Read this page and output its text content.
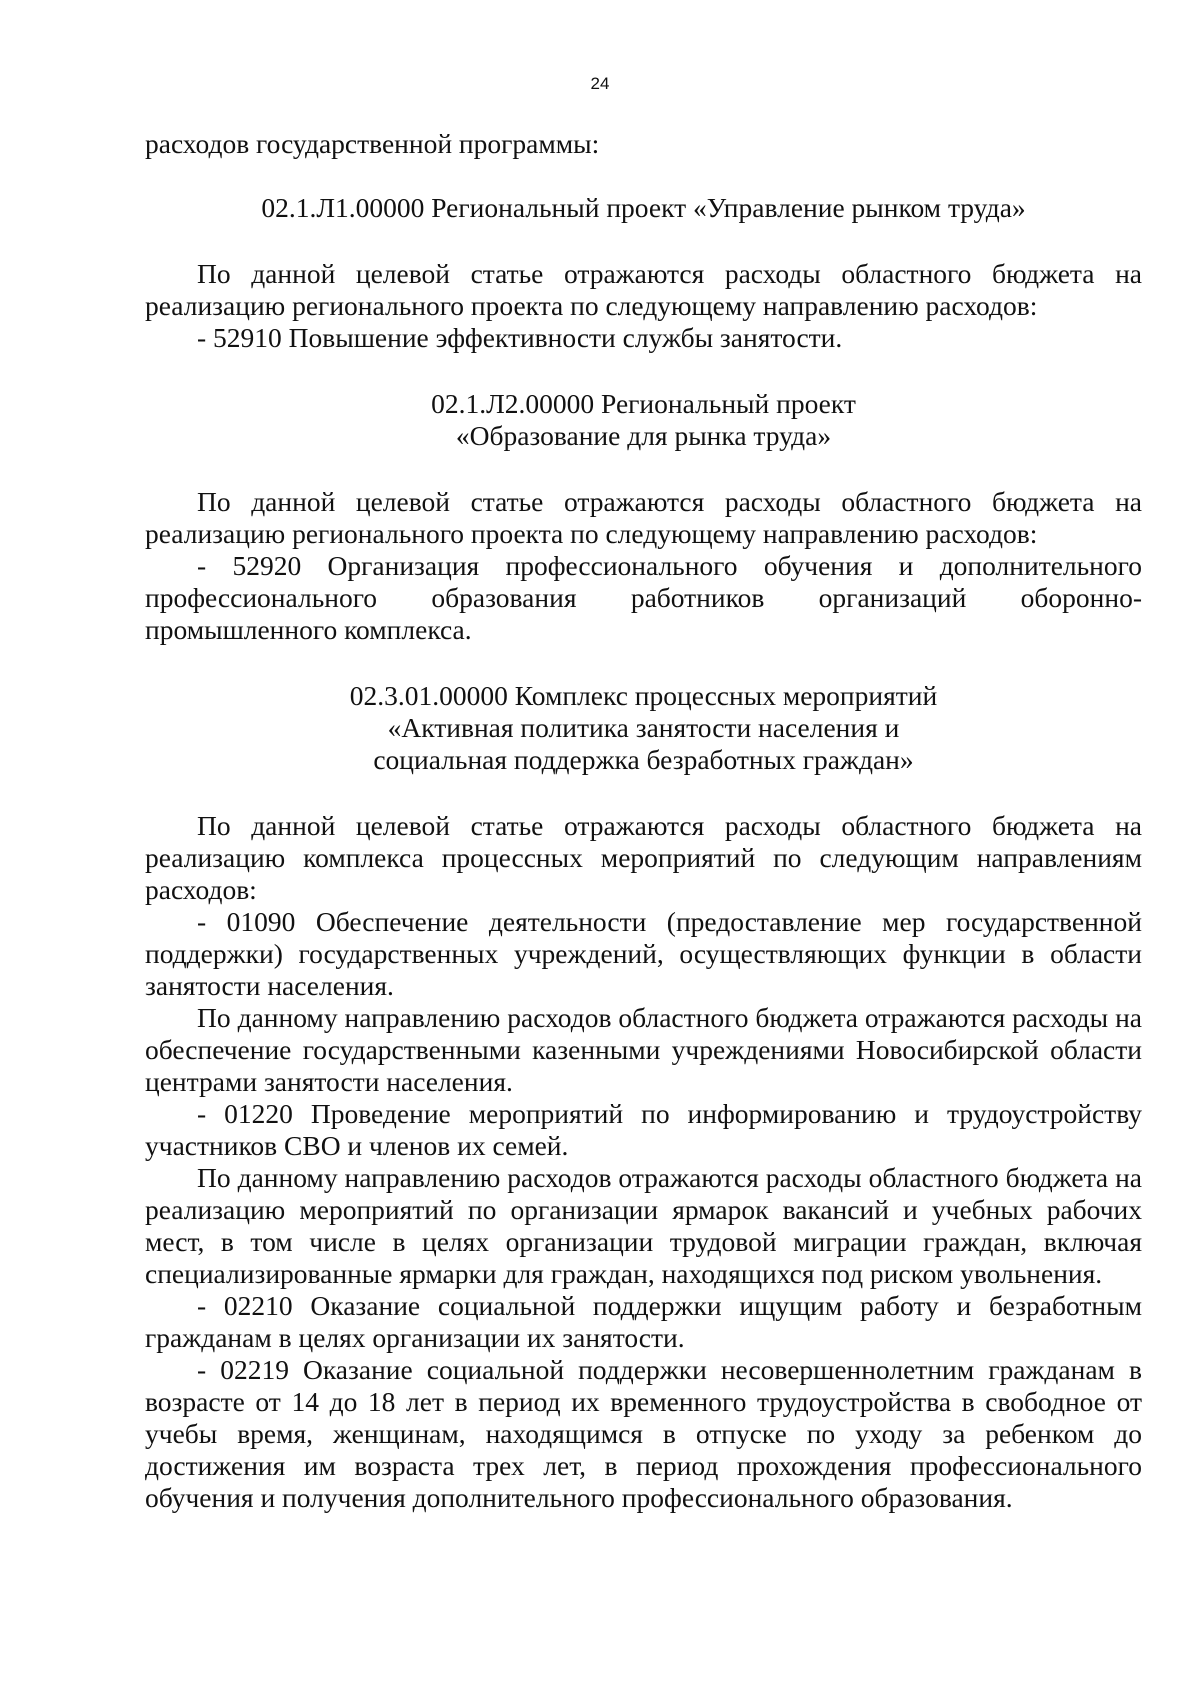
24

расходов государственной программы:

02.1.Л1.00000 Региональный проект «Управление рынком труда»

По данной целевой статье отражаются расходы областного бюджета на реализацию регионального проекта по следующему направлению расходов:

- 52910 Повышение эффективности службы занятости.

02.1.Л2.00000 Региональный проект

«Образование для рынка труда»

По данной целевой статье отражаются расходы областного бюджета на реализацию регионального проекта по следующему направлению расходов:

- 52920 Организация профессионального обучения и дополнительного профессионального образования работников организаций оборонно-промышленного комплекса.

02.3.01.00000 Комплекс процессных мероприятий

«Активная политика занятости населения и

социальная поддержка безработных граждан»

По данной целевой статье отражаются расходы областного бюджета на реализацию комплекса процессных мероприятий по следующим направлениям расходов:

- 01090 Обеспечение деятельности (предоставление мер государственной поддержки) государственных учреждений, осуществляющих функции в области занятости населения.

По данному направлению расходов областного бюджета отражаются расходы на обеспечение государственными казенными учреждениями Новосибирской области центрами занятости населения.

- 01220 Проведение мероприятий по информированию и трудоустройству участников СВО и членов их семей.

По данному направлению расходов отражаются расходы областного бюджета на реализацию мероприятий по организации ярмарок вакансий и учебных рабочих мест, в том числе в целях организации трудовой миграции граждан, включая специализированные ярмарки для граждан, находящихся под риском увольнения.

- 02210 Оказание социальной поддержки ищущим работу и безработным гражданам в целях организации их занятости.

- 02219 Оказание социальной поддержки несовершеннолетним гражданам в возрасте от 14 до 18 лет в период их временного трудоустройства в свободное от учебы время, женщинам, находящимся в отпуске по уходу за ребенком до достижения им возраста трех лет, в период прохождения профессионального обучения и получения дополнительного профессионального образования.
